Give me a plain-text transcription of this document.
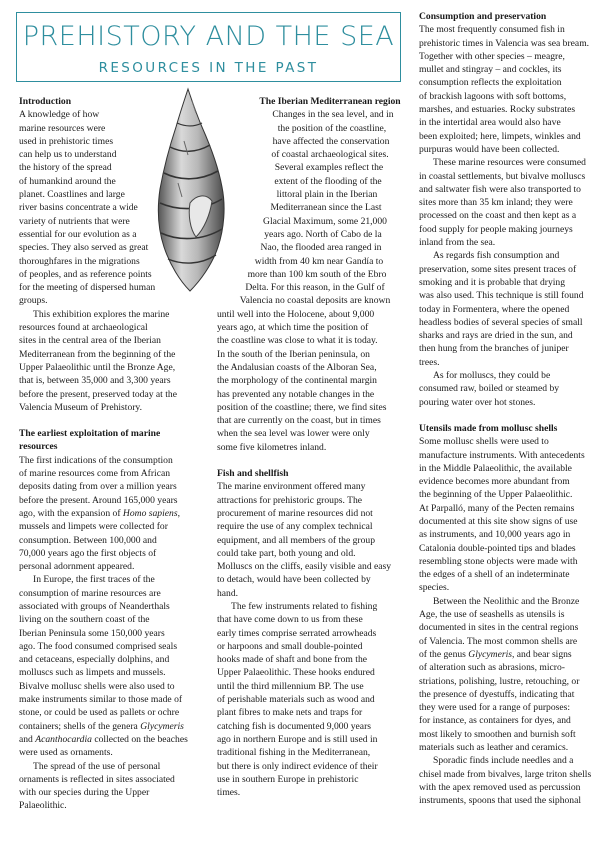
PREHISTORY AND THE SEA
RESOURCES IN THE PAST
Introduction

A knowledge of how
marine resources were
used in prehistoric times
can help us to understand
the history of the spread
of humankind around the
planet. Coastlines and large
river basins concentrate a wide
variety of nutrients that were
essential for our evolution as a
species. They also served as great
thoroughfares in the migrations
of peoples, and as reference points
for the meeting of dispersed human
groups.

This exhibition explores the marine
resources found at archaeological
sites in the central area of the Iberian
Mediterranean from the beginning of the
Upper Palaeolithic until the Bronze Age,
that is, between 35,000 and 3,300 years
before the present, preserved today at the
Valencia Museum of Prehistory.

The earliest exploitation of marine
resources

The first indications of the consumption
of marine resources come from African
deposits dating from over a million years
before the present. Around 165,000 years
ago, with the expansion of Homo sapiens,
mussels and limpets were collected for
consumption. Between 100,000 and
70,000 years ago the first objects of
personal adornment appeared.

In Europe, the first traces of the
consumption of marine resources are
associated with groups of Neanderthals
living on the southern coast of the
Iberian Peninsula some 150,000 years
ago. The food consumed comprised seals
and cetaceans, especially dolphins, and
molluscs such as limpets and mussels.
Bivalve mollusc shells were also used to
make instruments similar to those made of
stone, or could be used as pallets or ochre
containers; shells of the genera Glycymeris
and Acanthocardia collected on the beaches
were used as ornaments.

The spread of the use of personal
ornaments is reflected in sites associated
with our species during the Upper
Palaeolithic.

The Iberian Mediterranean region

Changes in the sea level, and in
the position of the coastline,
have affected the conservation
of coastal archaeological sites.
Several examples reflect the
extent of the flooding of the
littoral plain in the Iberian
Mediterranean since the Last
Glacial Maximum, some 21,000
years ago. North of Cabo de la
Nao, the flooded area ranged in
width from 40 km near Gandía to
more than 100 km south of the Ebro
Delta. For this reason, in the Gulf of
Valencia no coastal deposits are known

until well into the Holocene, about 9,000
years ago, at which time the position of
the coastline was close to what it is today.
In the south of the Iberian peninsula, on
the Andalusian coasts of the Alboran Sea,
the morphology of the continental margin
has prevented any notable changes in the
position of the coastline; there, we find sites
that are currently on the coast, but in times
when the sea level was lower were only
some five kilometres inland.

Fish and shellfish

The marine environment offered many
attractions for prehistoric groups. The
procurement of marine resources did not
require the use of any complex technical
equipment, and all members of the group
could take part, both young and old.
Molluscs on the cliffs, easily visible and easy
to detach, would have been collected by
hand.

The few instruments related to fishing
that have come down to us from these
early times comprise serrated arrowheads
or harpoons and small double-pointed
hooks made of shaft and bone from the
Upper Palaeolithic. These hooks endured
until the third millennium BP. The use
of perishable materials such as wood and
plant fibres to make nets and traps for
catching fish is documented 9,000 years
ago in northern Europe and is still used in
traditional fishing in the Mediterranean,
but there is only indirect evidence of their
use in southern Europe in prehistoric
times.

Consumption and preservation

The most frequently consumed fish in
prehistoric times in Valencia was sea bream.
Together with other species – meagre,
mullet and stingray – and cockles, its
consumption reflects the exploitation
of brackish lagoons with soft bottoms,
marshes, and estuaries. Rocky substrates
in the intertidal area would also have
been exploited; here, limpets, winkles and
purpuras would have been collected.

These marine resources were consumed
in coastal settlements, but bivalve molluscs
and saltwater fish were also transported to
sites more than 35 km inland; they were
processed on the coast and then kept as a
food supply for people making journeys
inland from the sea.

As regards fish consumption and
preservation, some sites present traces of
smoking and it is probable that drying
was also used. This technique is still found
today in Formentera, where the opened
headless bodies of several species of small
sharks and rays are dried in the sun, and
then hung from the branches of juniper
trees.

As for molluscs, they could be
consumed raw, boiled or steamed by
pouring water over hot stones.

Utensils made from mollusc shells

Some mollusc shells were used to
manufacture instruments. With antecedents
in the Middle Palaeolithic, the available
evidence becomes more abundant from
the beginning of the Upper Palaeolithic.
At Parpalló, many of the Pecten remains
documented at this site show signs of use
as instruments, and 10,000 years ago in
Catalonia double-pointed tips and blades
resembling stone objects were made with
the edges of a shell of an indeterminate
species.

Between the Neolithic and the Bronze
Age, the use of seashells as utensils is
documented in sites in the central regions
of Valencia. The most common shells are
of the genus Glycymeris, and bear signs
of alteration such as abrasions, micro-
striations, polishing, lustre, retouching, or
the presence of dyestuffs, indicating that
they were used for a range of purposes:
for instance, as containers for dyes, and
most likely to smoothen and burnish soft
materials such as leather and ceramics.

Sporadic finds include needles and a
chisel made from bivalves, large triton shells
with the apex removed used as percussion
instruments, spoons that used the siphonal
